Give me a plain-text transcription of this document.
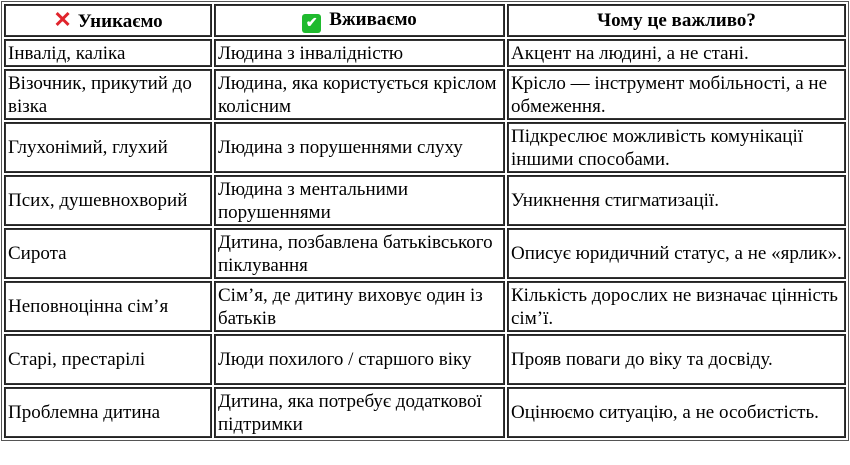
✕ Уникаємо	✔ Вживаємо	Чому це важливо?
Інвалід, каліка	Людина з інвалідністю	Акцент на людині, а не стані.
Візочник, прикутий до візка	Людина, яка користується кріслом колісним	Крісло — інструмент мобільності, а не обмеження.
Глухонімий, глухий	Людина з порушеннями слуху	Підкреслює можливість комунікації іншими способами.
Псих, душевнохворий	Людина з ментальними порушеннями	Уникнення стигматизації.
Сирота	Дитина, позбавлена батьківського піклування	Описує юридичний статус, а не «ярлик».
Неповноцінна сім’я	Сім’я, де дитину виховує один із батьків	Кількість дорослих не визначає цінність сім’ї.
Старі, престарілі	Люди похилого / старшого віку	Прояв поваги до віку та досвіду.
Проблемна дитина	Дитина, яка потребує додаткової підтримки	Оцінюємо ситуацію, а не особистість.
